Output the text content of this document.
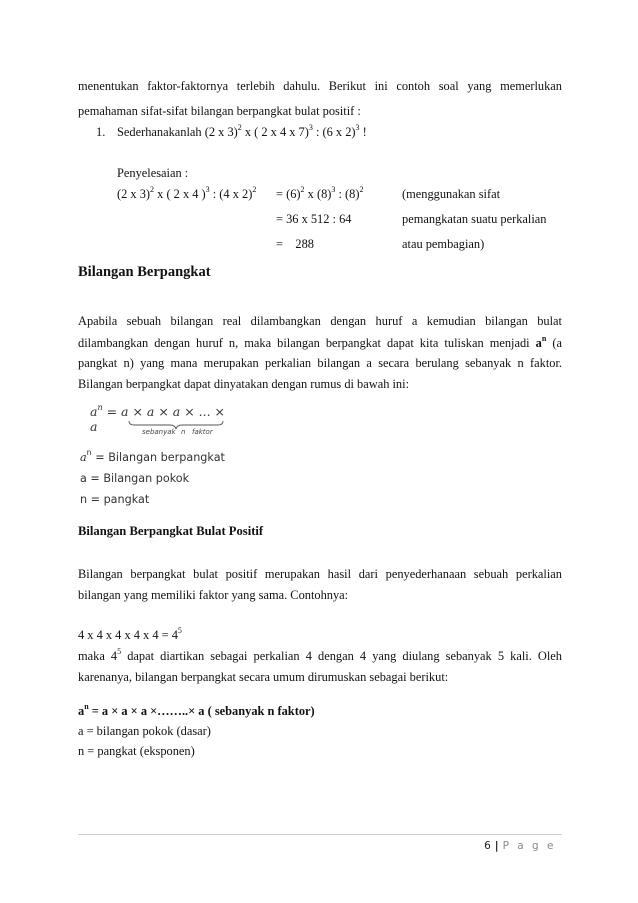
menentukan faktor-faktornya terlebih dahulu. Berikut ini contoh soal yang memerlukan
pemahaman sifat-sifat bilangan berpangkat bulat positif :
1. Sederhanakanlah (2 x 3)$^2$ x ( 2 x 4 x 7)$^3$ : (6 x 2)$^3$ !
Penyelesaian :
(2 x 3)$^2$ x ( 2 x 4 )$^3$ : (4 x $2)^2 = (6)^2$ x $(8)^3$ : $(8)^2$	(menggunakan sifat
= 36 x 512 : 64	pemangkatan suatu perkalian
=    288	atau pembagian)
Bilangan Berpangkat
Apabila sebuah bilangan real dilambangkan dengan huruf a kemudian bilangan bulat
dilambangkan dengan huruf n, maka bilangan berpangkat dapat kita tuliskan menjadi $a^n$ (a
pangkat n) yang mana merupakan perkalian bilangan a secara berulang sebanyak n faktor.
Bilangan berpangkat dapat dinyatakan dengan rumus di bawah ini:
$a^n = a \times a \times a$ × ... × a	sebanyak n faktor
$a^n$ = Bilangan berpangkat
a = Bilangan pokok
n = pangkat
Bilangan Berpangkat Bulat Positif
Bilangan berpangkat bulat positif merupakan hasil dari penyederhanaan sebuah perkalian
bilangan yang memiliki faktor yang sama. Contohnya:
4 x 4 x 4 x 4 x $4 = 4^5$
maka $4^5$ dapat diartikan sebagai perkalian 4 dengan 4 yang diulang sebanyak 5 kali. Oleh
karenanya, bilangan berpangkat secara umum dirumuskan sebagai berikut:
$a^n = a \times a \times a$ ×……..× a ( sebanyak n faktor)
a = bilangan pokok (dasar)
n = pangkat (eksponen)
6 | P a g e
